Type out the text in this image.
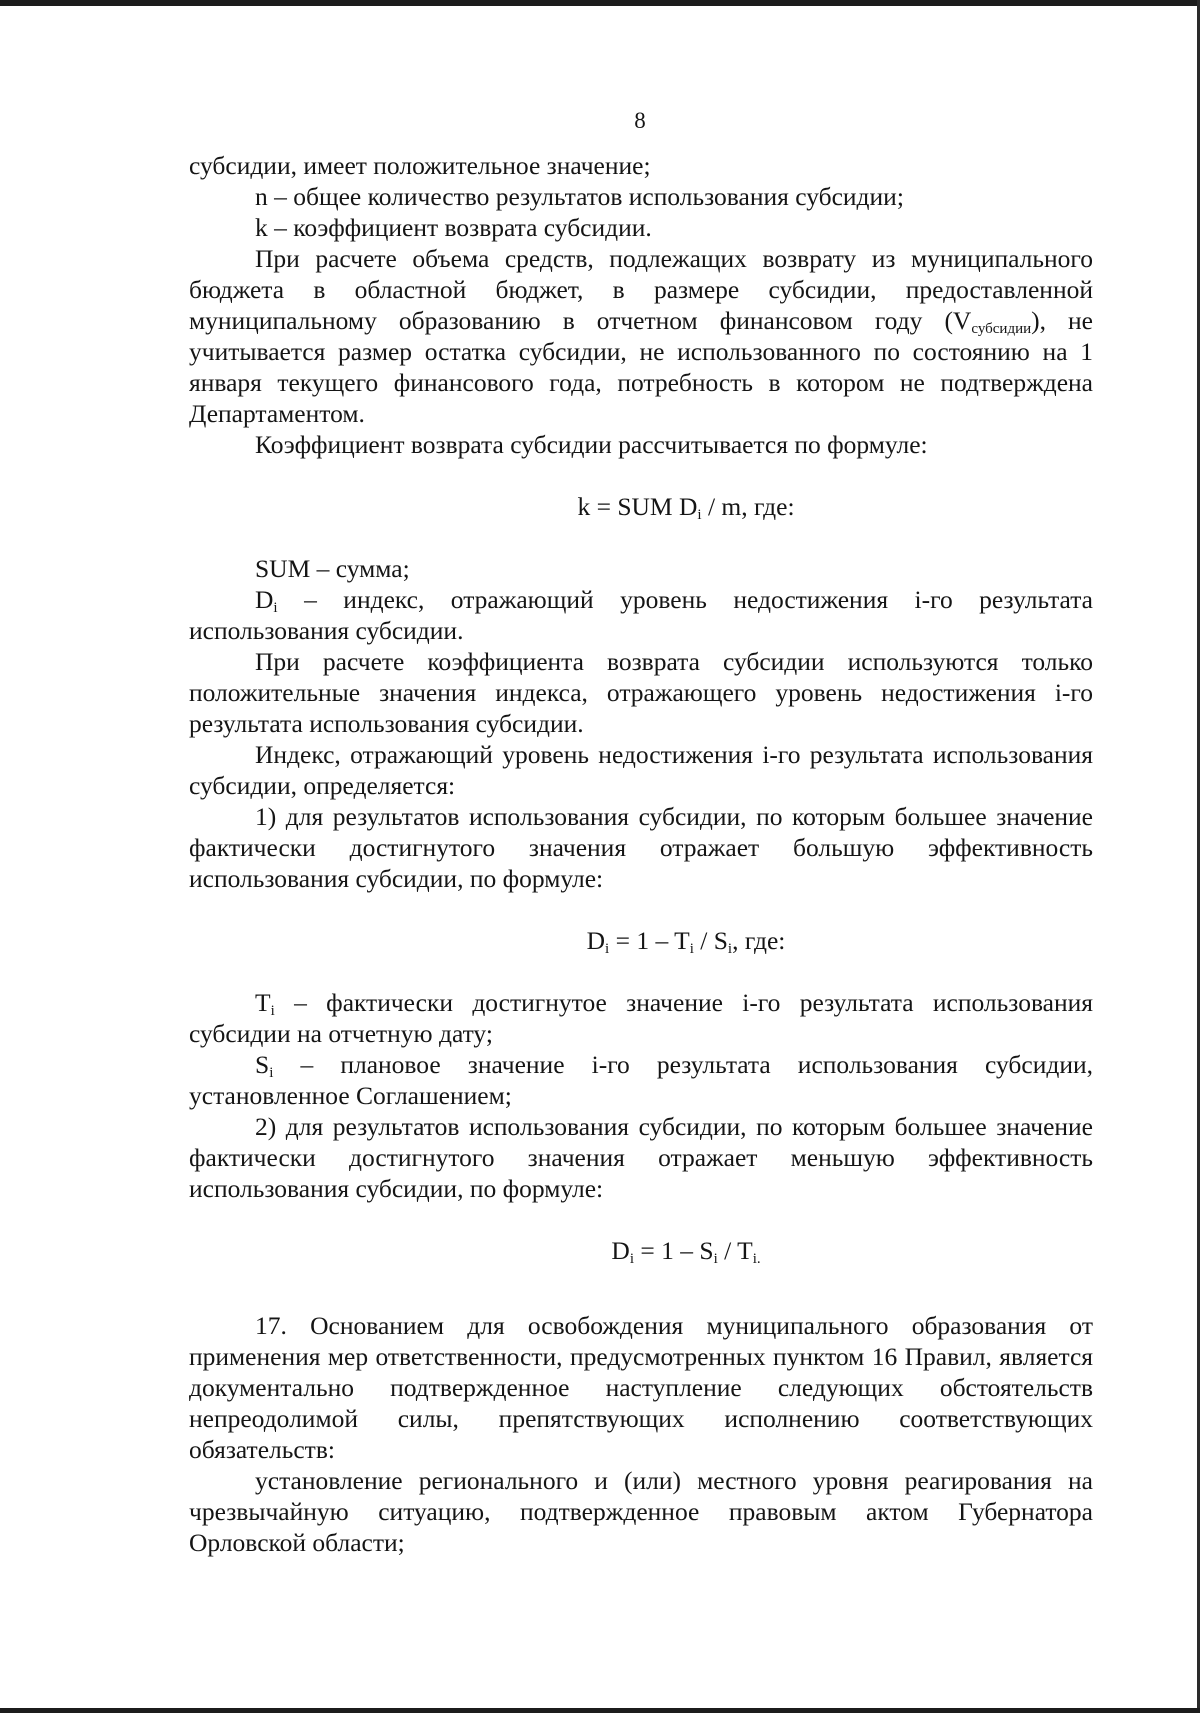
8

субсидии, имеет положительное значение;

n – общее количество результатов использования субсидии;

k – коэффициент возврата субсидии.

При расчете объема средств, подлежащих возврату из муниципального бюджета в областной бюджет, в размере субсидии, предоставленной муниципальному образованию в отчетном финансовом году $(V_{субсидии})$, не учитывается размер остатка субсидии, не использованного по состоянию на 1 января текущего финансового года, потребность в котором не подтверждена Департаментом.

Коэффициент возврата субсидии рассчитывается по формуле:

k = SUM $D_i$ / m, где:

SUM – сумма;

$D_i$ – индекс, отражающий уровень недостижения i-го результата использования субсидии.

При расчете коэффициента возврата субсидии используются только положительные значения индекса, отражающего уровень недостижения i-го результата использования субсидии.

Индекс, отражающий уровень недостижения i-го результата использования субсидии, определяется:

1) для результатов использования субсидии, по которым большее значение фактически достигнутого значения отражает большую эффективность использования субсидии, по формуле:

$D_i = 1 - T_i / S_i$, где:

$T_i$ – фактически достигнутое значение i-го результата использования субсидии на отчетную дату;

$S_i$ – плановое значение i-го результата использования субсидии, установленное Соглашением;

2) для результатов использования субсидии, по которым большее значение фактически достигнутого значения отражает меньшую эффективность использования субсидии, по формуле:

$D_i = 1 - S_i / T_{i.}$

17. Основанием для освобождения муниципального образования от применения мер ответственности, предусмотренных пунктом 16 Правил, является документально подтвержденное наступление следующих обстоятельств непреодолимой силы, препятствующих исполнению соответствующих обязательств:

установление регионального и (или) местного уровня реагирования на чрезвычайную ситуацию, подтвержденное правовым актом Губернатора Орловской области;
